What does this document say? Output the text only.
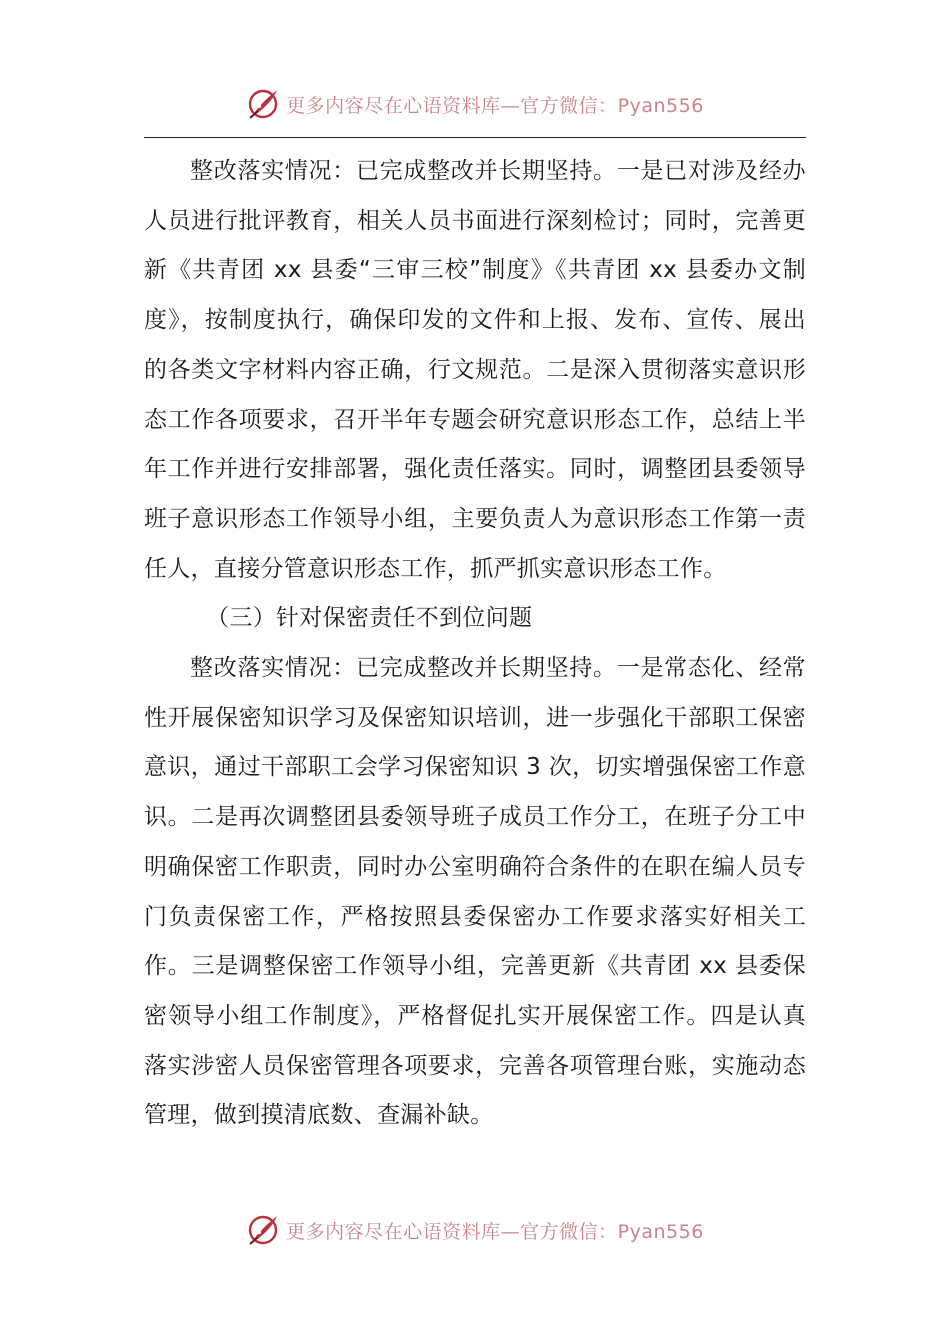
更多内容尽在心语资料库—官方微信：Pyan556

整改落实情况：已完成整改并长期坚持。一是已对涉及经办人员进行批评教育，相关人员书面进行深刻检讨；同时，完善更新《共青团 xx 县委“三审三校”制度》《共青团 xx 县委办文制度》，按制度执行，确保印发的文件和上报、发布、宣传、展出的各类文字材料内容正确，行文规范。二是深入贯彻落实意识形态工作各项要求，召开半年专题会研究意识形态工作，总结上半年工作并进行安排部署，强化责任落实。同时，调整团县委领导班子意识形态工作领导小组，主要负责人为意识形态工作第一责任人，直接分管意识形态工作，抓严抓实意识形态工作。

（三）针对保密责任不到位问题

整改落实情况：已完成整改并长期坚持。一是常态化、经常性开展保密知识学习及保密知识培训，进一步强化干部职工保密意识，通过干部职工会学习保密知识 3 次，切实增强保密工作意识。二是再次调整团县委领导班子成员工作分工，在班子分工中明确保密工作职责，同时办公室明确符合条件的在职在编人员专门负责保密工作，严格按照县委保密办工作要求落实好相关工作。三是调整保密工作领导小组，完善更新《共青团 xx 县委保密领导小组工作制度》，严格督促扎实开展保密工作。四是认真落实涉密人员保密管理各项要求，完善各项管理台账，实施动态管理，做到摸清底数、查漏补缺。

更多内容尽在心语资料库—官方微信：Pyan556
